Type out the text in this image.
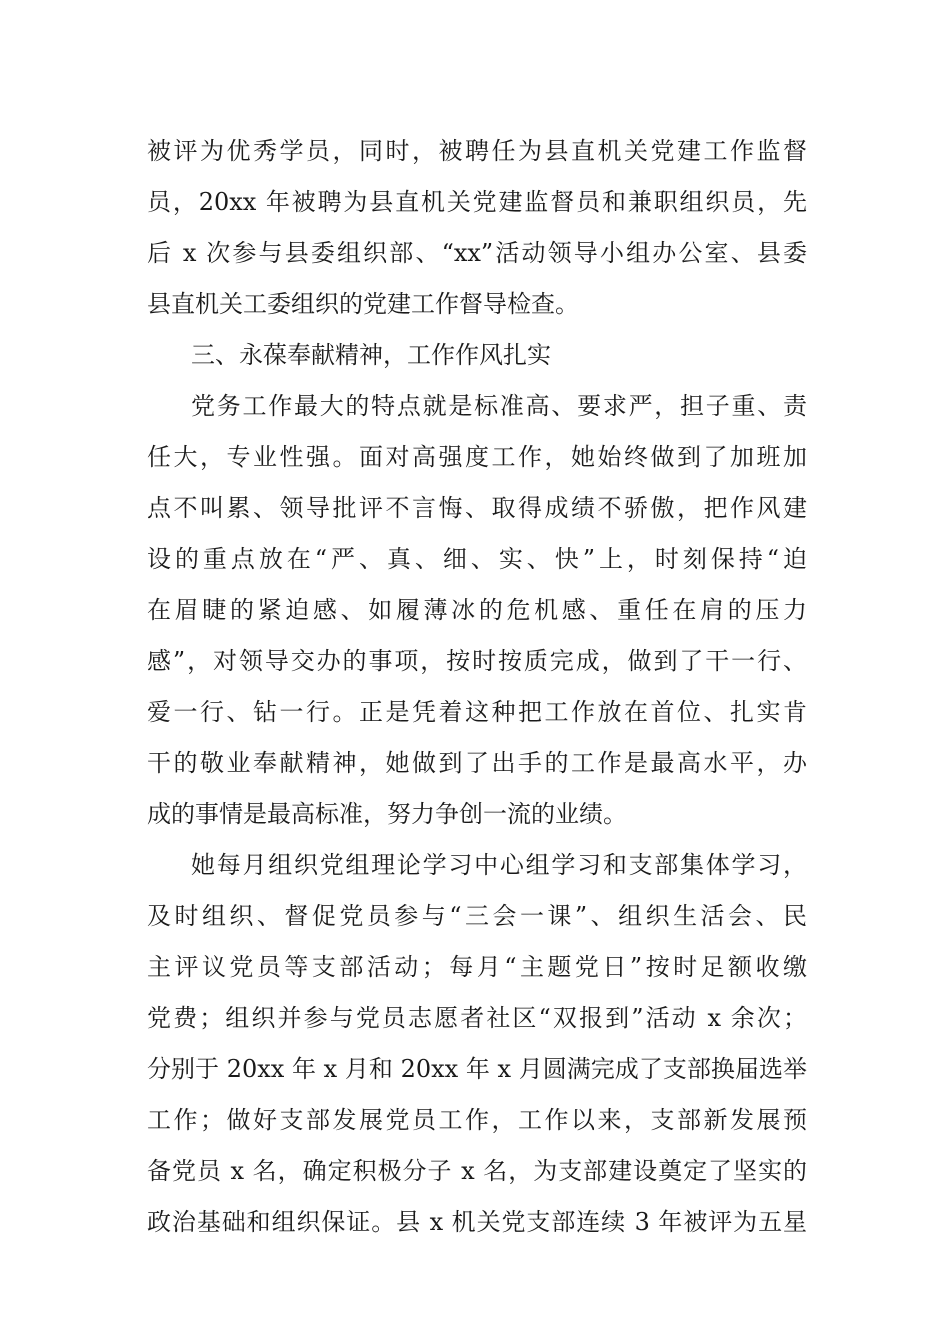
被评为优秀学员，同时，被聘任为县直机关党建工作监督
员，20xx 年被聘为县直机关党建监督员和兼职组织员，先
后 x 次参与县委组织部、“xx”活动领导小组办公室、县委
县直机关工委组织的党建工作督导检查。
三、永葆奉献精神，工作作风扎实
党务工作最大的特点就是标准高、要求严，担子重、责
任大，专业性强。面对高强度工作，她始终做到了加班加
点不叫累、领导批评不言悔、取得成绩不骄傲，把作风建
设的重点放在“严、真、细、实、快”上，时刻保持“迫
在眉睫的紧迫感、如履薄冰的危机感、重任在肩的压力
感”，对领导交办的事项，按时按质完成，做到了干一行、
爱一行、钻一行。正是凭着这种把工作放在首位、扎实肯
干的敬业奉献精神，她做到了出手的工作是最高水平，办
成的事情是最高标准，努力争创一流的业绩。
她每月组织党组理论学习中心组学习和支部集体学习，
及时组织、督促党员参与“三会一课”、组织生活会、民
主评议党员等支部活动；每月“主题党日”按时足额收缴
党费；组织并参与党员志愿者社区“双报到”活动 x 余次；
分别于 20xx 年 x 月和 20xx 年 x 月圆满完成了支部换届选举
工作；做好支部发展党员工作，工作以来，支部新发展预
备党员 x 名，确定积极分子 x 名，为支部建设奠定了坚实的
政治基础和组织保证。县 x 机关党支部连续 3 年被评为五星
